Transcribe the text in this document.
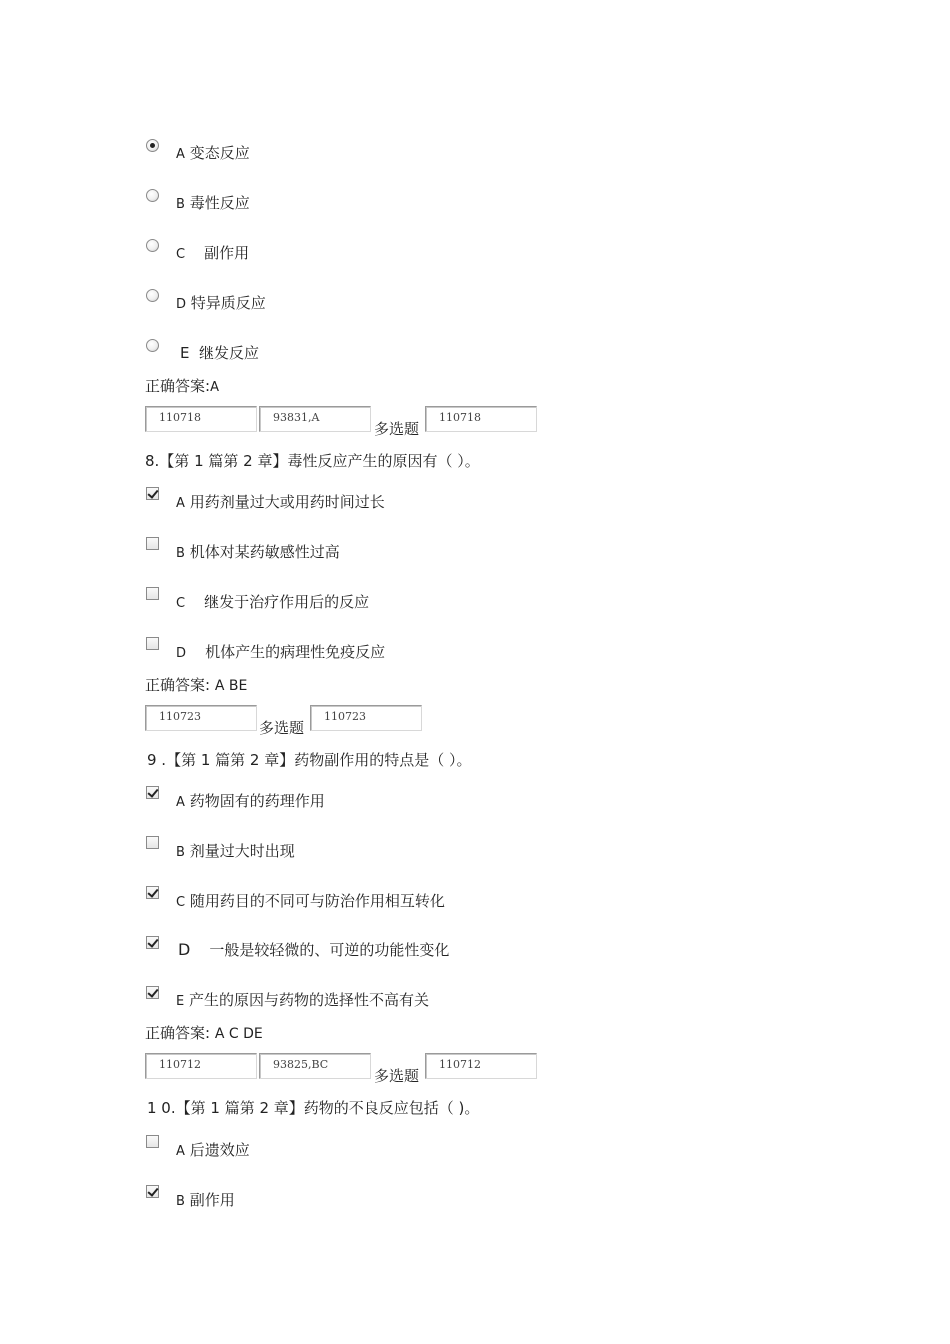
A 变态反应
B 毒性反应
C 副作用
D 特异质反应
E 继发反应
正确答案:A
110718	93831,A
多选题
110718
8.【第 1 篇第 2 章】毒性反应产生的原因有（ ）。
A 用药剂量过大或用药时间过长
B 机体对某药敏感性过高
C 继发于治疗作用后的反应
D 机体产生的病理性免疫反应
正确答案: A BE
110723
多选题
110723
9 .【第 1 篇第 2 章】药物副作用的特点是（ ）。
A 药物固有的药理作用
B 剂量过大时出现
C 随用药目的不同可与防治作用相互转化
D 一般是较轻微的、可逆的功能性变化
E 产生的原因与药物的选择性不高有关
正确答案: A C DE
110712	93825,BC
多选题
110712
1 0.【第 1 篇第 2 章】药物的不良反应包括（ )。
A 后遗效应
B 副作用
